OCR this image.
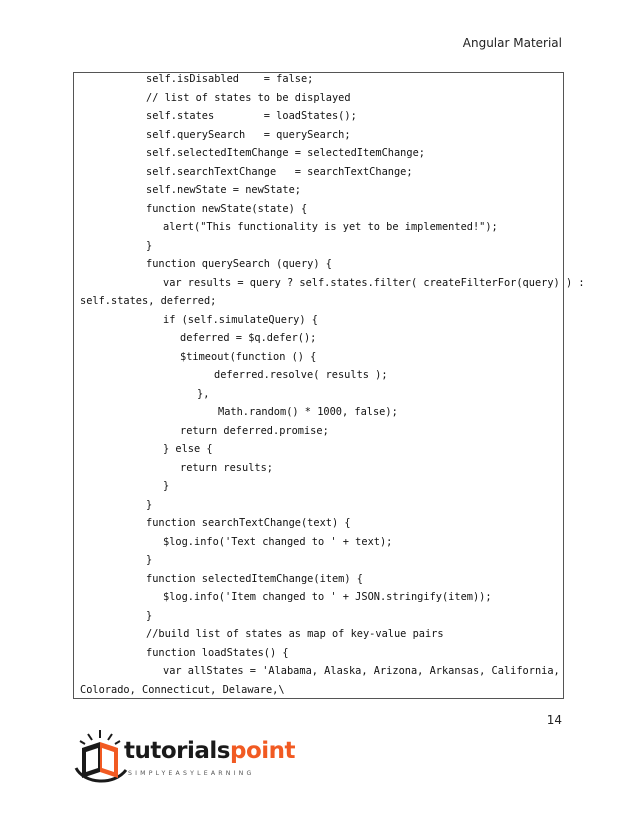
Angular Material
self.isDisabled    = false;
// list of states to be displayed
self.states        = loadStates();
self.querySearch   = querySearch;
self.selectedItemChange = selectedItemChange;
self.searchTextChange   = searchTextChange;
self.newState = newState;
function newState(state) {
alert("This functionality is yet to be implemented!");
}
function querySearch (query) {
var results = query ? self.states.filter( createFilterFor(query) ) :
self.states, deferred;
if (self.simulateQuery) {
deferred = $q.defer();
$timeout(function () {
deferred.resolve( results );
},
Math.random() * 1000, false);
return deferred.promise;
} else {
return results;
}
}
function searchTextChange(text) {
$log.info('Text changed to ' + text);
}
function selectedItemChange(item) {
$log.info('Item changed to ' + JSON.stringify(item));
}
//build list of states as map of key-value pairs
function loadStates() {
var allStates = 'Alabama, Alaska, Arizona, Arkansas, California,
Colorado, Connecticut, Delaware,\
14
tutorialspoint
SIMPLYEASYLEARNING
